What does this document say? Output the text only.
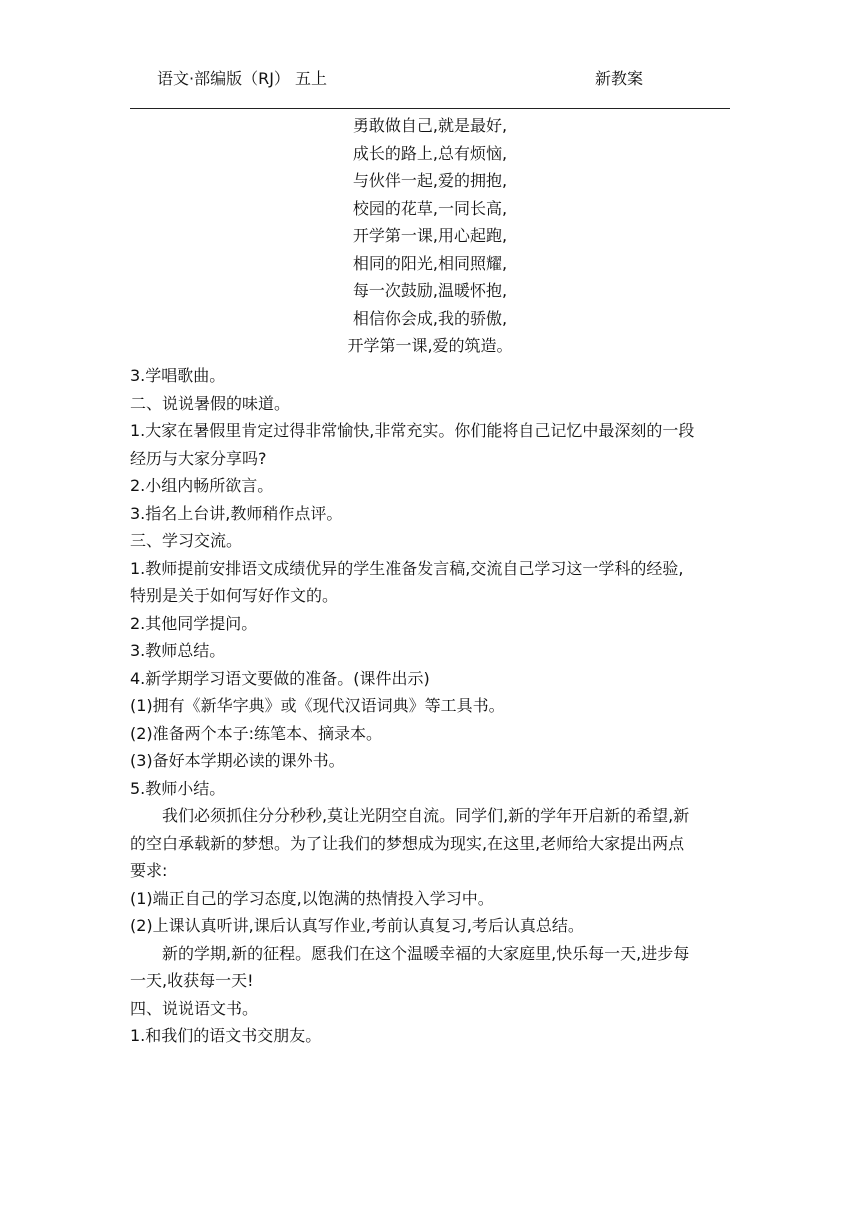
语文·部编版（RJ） 五上	新教案
勇敢做自己,就是最好,
成长的路上,总有烦恼,
与伙伴一起,爱的拥抱,
校园的花草,一同长高,
开学第一课,用心起跑,
相同的阳光,相同照耀,
每一次鼓励,温暖怀抱,
相信你会成,我的骄傲,
开学第一课,爱的筑造。
3.学唱歌曲。
二、说说暑假的味道。
1.大家在暑假里肯定过得非常愉快,非常充实。你们能将自己记忆中最深刻的一段
经历与大家分享吗?
2.小组内畅所欲言。
3.指名上台讲,教师稍作点评。
三、学习交流。
1.教师提前安排语文成绩优异的学生准备发言稿,交流自己学习这一学科的经验,
特别是关于如何写好作文的。
2.其他同学提问。
3.教师总结。
4.新学期学习语文要做的准备。(课件出示)
(1)拥有《新华字典》或《现代汉语词典》等工具书。
(2)准备两个本子:练笔本、摘录本。
(3)备好本学期必读的课外书。
5.教师小结。
我们必须抓住分分秒秒,莫让光阴空自流。同学们,新的学年开启新的希望,新
的空白承载新的梦想。为了让我们的梦想成为现实,在这里,老师给大家提出两点
要求:
(1)端正自己的学习态度,以饱满的热情投入学习中。
(2)上课认真听讲,课后认真写作业,考前认真复习,考后认真总结。
新的学期,新的征程。愿我们在这个温暖幸福的大家庭里,快乐每一天,进步每
一天,收获每一天!
四、说说语文书。
1.和我们的语文书交朋友。
